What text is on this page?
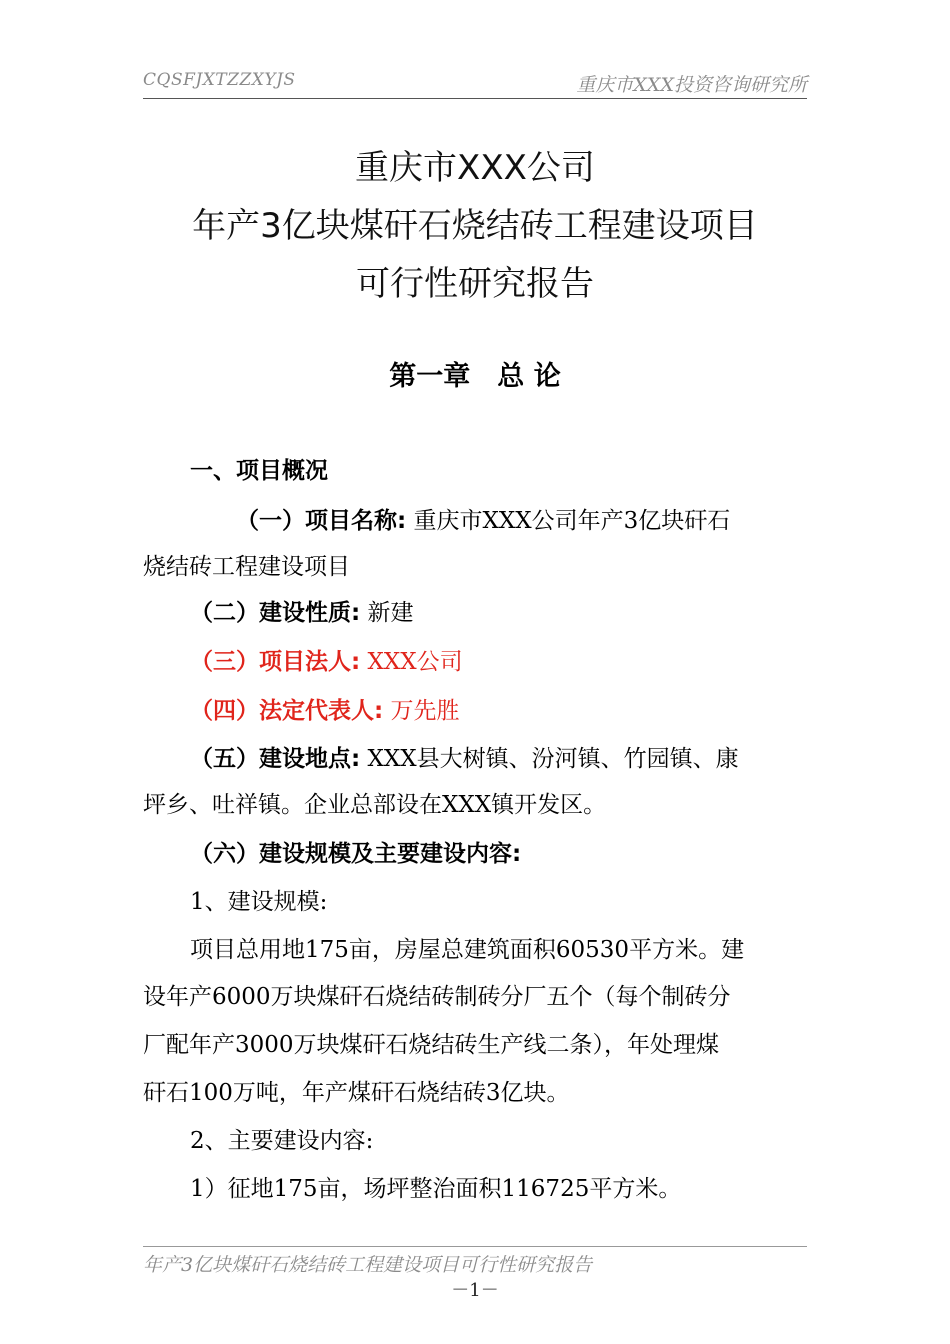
CQSFJXTZZXYJS	重庆市XXX投资咨询研究所
重庆市XXX公司
年产3亿块煤矸石烧结砖工程建设项目
可行性研究报告
第一章　总 论
一、项目概况
（一）项目名称: 重庆市XXX公司年产3亿块矸石
烧结砖工程建设项目
（二）建设性质: 新建
（三）项目法人: XXX公司
（四）法定代表人: 万先胜
（五）建设地点: XXX县大树镇、汾河镇、竹园镇、康
坪乡、吐祥镇。企业总部设在XXX镇开发区。
（六）建设规模及主要建设内容:
1、建设规模:
项目总用地175亩，房屋总建筑面积60530平方米。建
设年产6000万块煤矸石烧结砖制砖分厂五个（每个制砖分
厂配年产3000万块煤矸石烧结砖生产线二条），年处理煤
矸石100万吨，年产煤矸石烧结砖3亿块。
2、主要建设内容:
1）征地175亩，场坪整治面积116725平方米。
年产3亿块煤矸石烧结砖工程建设项目可行性研究报告
－1－
